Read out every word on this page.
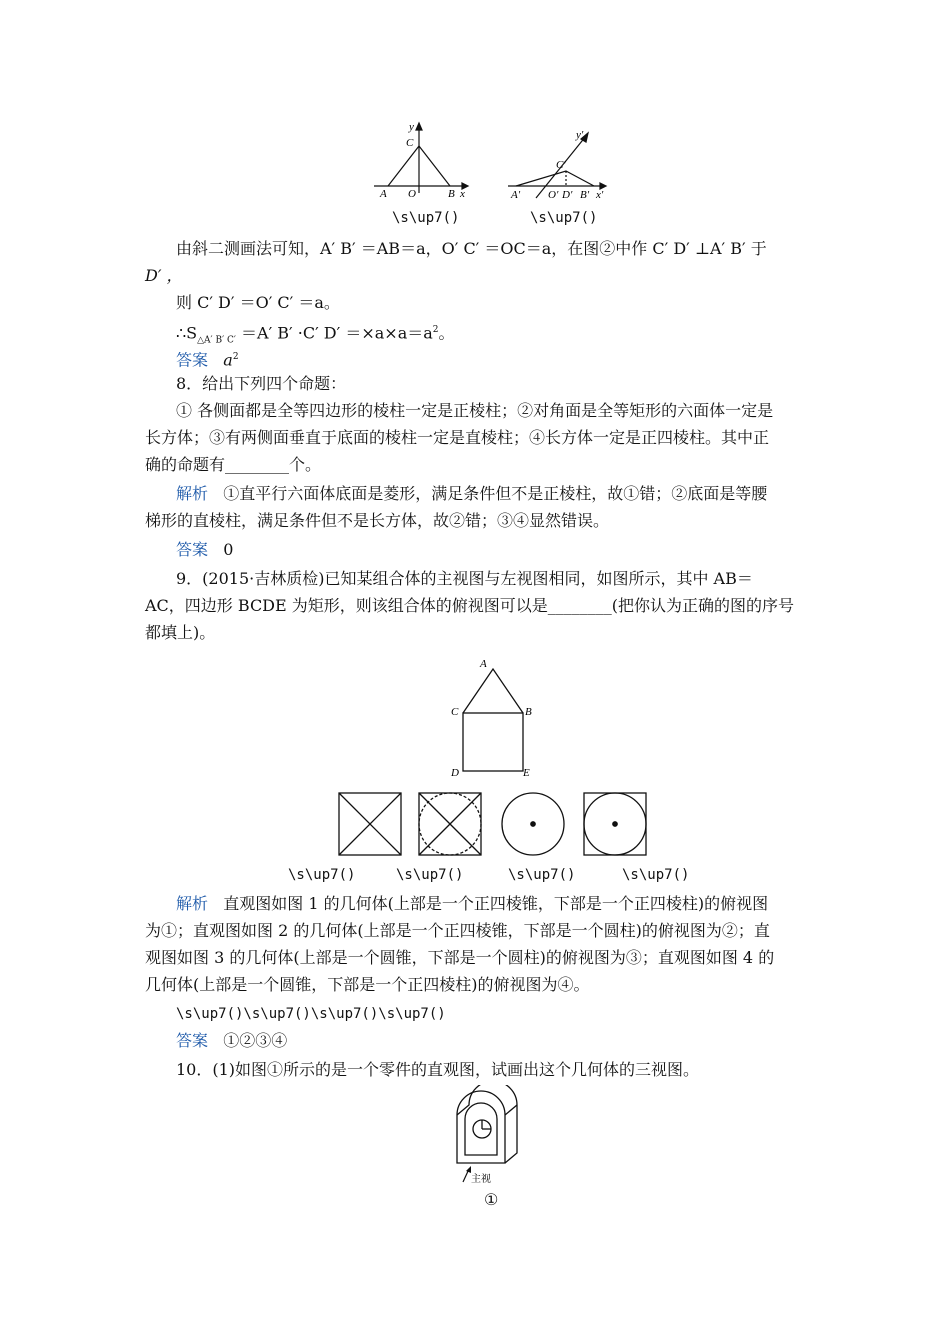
y
C
A O	B x
y′
C′
A′	O′ D′ B′ x′
\s\up7()	\s\up7()
由斜二测画法可知，A′ B′ ＝AB＝a，O′ C′ ＝OC＝a，在图②中作 C′ D′ ⊥A′ B′ 于
D′ ，
则 C′ D′ ＝O′ C′ ＝a。
$\therefore S_{\triangle A' B' C'} =A'$ B′ ·C′ $D' =\times a\times a=a^2$。
答案 $a^2$
8．给出下列四个命题：
① 各侧面都是全等四边形的棱柱一定是正棱柱；②对角面是全等矩形的六面体一定是
长方体；③有两侧面垂直于底面的棱柱一定是直棱柱；④长方体一定是正四棱柱。其中正
确的命题有________个。
解析 ①直平行六面体底面是菱形，满足条件但不是正棱柱，故①错；②底面是等腰
梯形的直棱柱，满足条件但不是长方体，故②错；③④显然错误。
答案 0
9．(2015·吉林质检)已知某组合体的主视图与左视图相同，如图所示，其中 AB＝
AC，四边形 BCDE 为矩形，则该组合体的俯视图可以是________(把你认为正确的图的序号
都填上)。
A
C	B
D	E
\s\up7()	\s\up7()	\s\up7()	\s\up7()
解析 直观图如图 1 的几何体(上部是一个正四棱锥，下部是一个正四棱柱)的俯视图
为①；直观图如图 2 的几何体(上部是一个正四棱锥，下部是一个圆柱)的俯视图为②；直
观图如图 3 的几何体(上部是一个圆锥，下部是一个圆柱)的俯视图为③；直观图如图 4 的
几何体(上部是一个圆锥，下部是一个正四棱柱)的俯视图为④。
\s\up7()\s\up7()\s\up7()\s\up7()
答案 ①②③④
10．(1)如图①所示的是一个零件的直观图，试画出这个几何体的三视图。
主视
①
